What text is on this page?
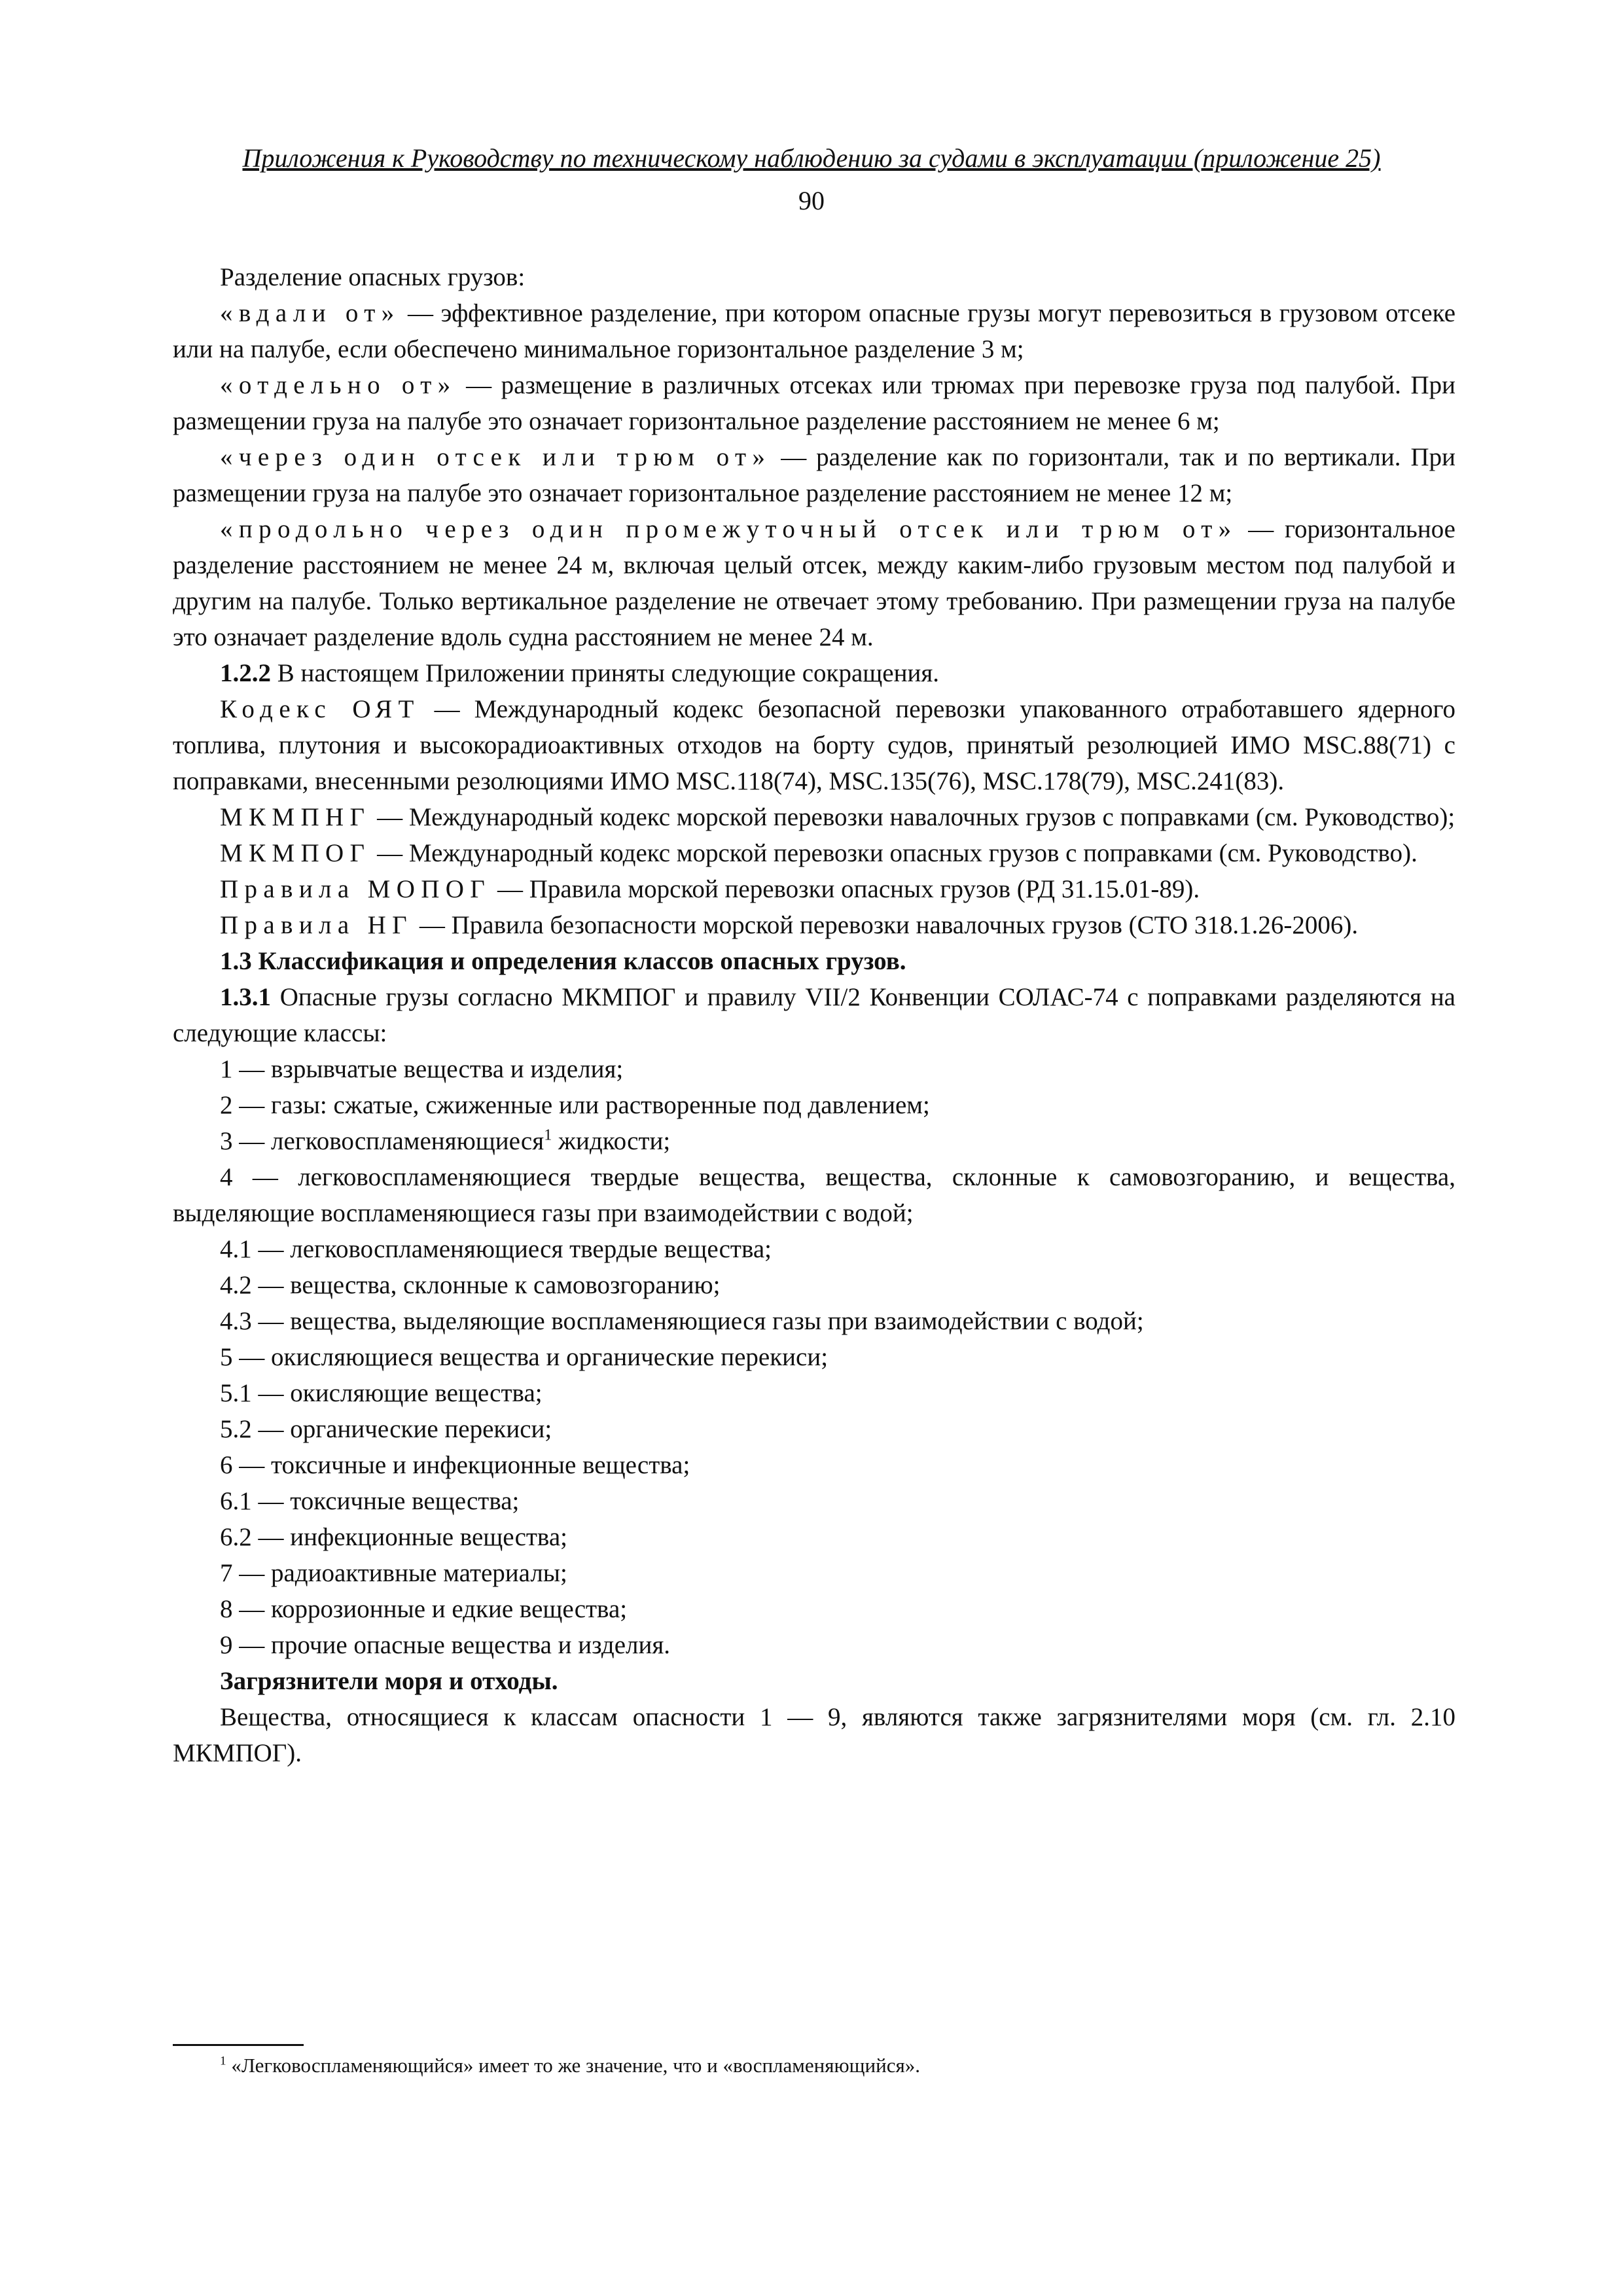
Приложения к Руководству по техническому наблюдению за судами в эксплуатации (приложение 25)
90

Разделение опасных грузов:

«вдали от» — эффективное разделение, при котором опасные грузы могут перевозиться в грузовом отсеке или на палубе, если обеспечено минимальное горизонтальное разделение 3 м;

«отдельно от» — размещение в различных отсеках или трюмах при перевозке груза под палубой. При размещении груза на палубе это означает горизонтальное разделение расстоянием не менее 6 м;

«через один отсек или трюм от» — разделение как по горизонтали, так и по вертикали. При размещении груза на палубе это означает горизонтальное разделение расстоянием не менее 12 м;

«продольно через один промежуточный отсек или трюм от» — горизонтальное разделение расстоянием не менее 24 м, включая целый отсек, между каким-либо грузовым местом под палубой и другим на палубе. Только вертикальное разделение не отвечает этому требованию. При размещении груза на палубе это означает разделение вдоль судна расстоянием не менее 24 м.

1.2.2 В настоящем Приложении приняты следующие сокращения.

Кодекс ОЯТ — Международный кодекс безопасной перевозки упакованного отработавшего ядерного топлива, плутония и высокорадиоактивных отходов на борту судов, принятый резолюцией ИМО MSC.88(71) с поправками, внесенными резолюциями ИМО MSC.118(74), MSC.135(76), MSC.178(79), MSC.241(83).

МКМПНГ — Международный кодекс морской перевозки навалочных грузов с поправками (см. Руководство);

МКМПОГ — Международный кодекс морской перевозки опасных грузов с поправками (см. Руководство).

Правила МОПОГ — Правила морской перевозки опасных грузов (РД 31.15.01-89).

Правила НГ — Правила безопасности морской перевозки навалочных грузов (СТО 318.1.26-2006).

1.3 Классификация и определения классов опасных грузов.

1.3.1 Опасные грузы согласно МКМПОГ и правилу VII/2 Конвенции СОЛАС-74 с поправками разделяются на следующие классы:

1 — взрывчатые вещества и изделия;

2 — газы: сжатые, сжиженные или растворенные под давлением;

3 — легковоспламеняющиеся$^1$ жидкости;

4 — легковоспламеняющиеся твердые вещества, вещества, склонные к самовозгоранию, и вещества, выделяющие воспламеняющиеся газы при взаимодействии с водой;

4.1 — легковоспламеняющиеся твердые вещества;

4.2 — вещества, склонные к самовозгоранию;

4.3 — вещества, выделяющие воспламеняющиеся газы при взаимодействии с водой;

5 — окисляющиеся вещества и органические перекиси;

5.1 — окисляющие вещества;

5.2 — органические перекиси;

6 — токсичные и инфекционные вещества;

6.1 — токсичные вещества;

6.2 — инфекционные вещества;

7 — радиоактивные материалы;

8 — коррозионные и едкие вещества;

9 — прочие опасные вещества и изделия.

Загрязнители моря и отходы.

Вещества, относящиеся к классам опасности 1 — 9, являются также загрязнителями моря (см. гл. 2.10 МКМПОГ).

$^1$ «Легковоспламеняющийся» имеет то же значение, что и «воспламеняющийся».
